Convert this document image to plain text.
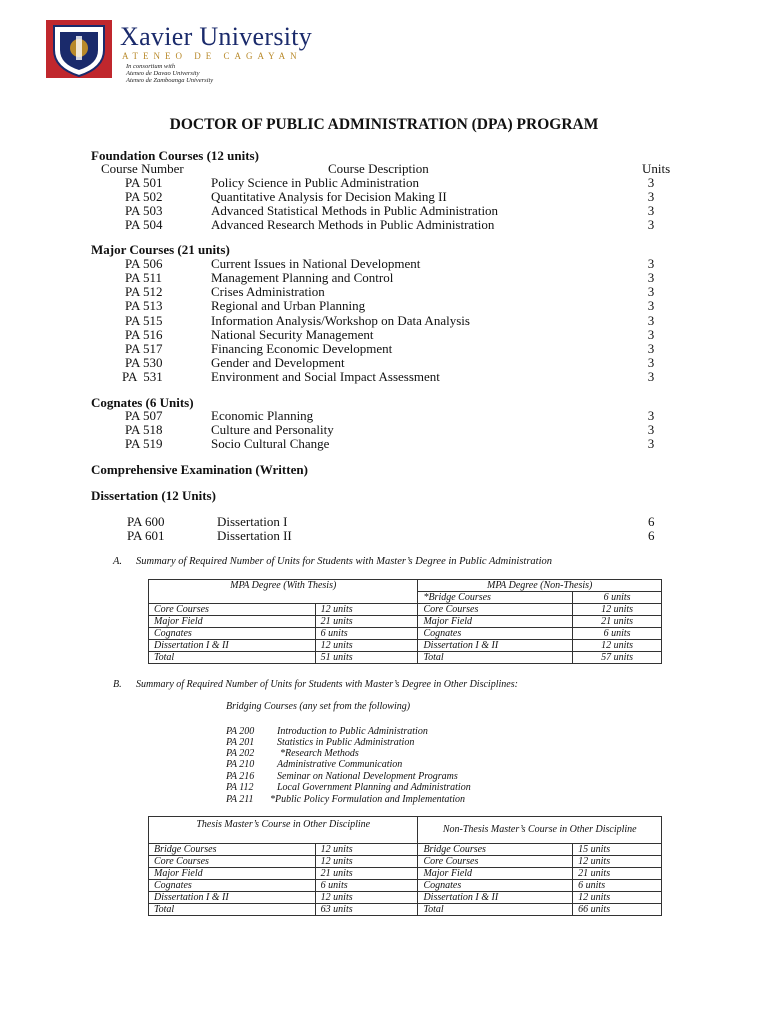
Xavier University
ATENEO DE CAGAYAN
In consortium with
Ateneo de Davao University
Ateneo de Zamboanga University
DOCTOR OF PUBLIC ADMINISTRATION (DPA) PROGRAM
Foundation Courses (12 units)
Course Number	Course Description	Units
PA 501	Policy Science in Public Administration	3
PA 502	Quantitative Analysis for Decision Making II	3
PA 503	Advanced Statistical Methods in Public Administration	3
PA 504	Advanced Research Methods in Public Administration	3
Major Courses (21 units)
PA 506	Current Issues in National Development	3
PA 511	Management Planning and Control	3
PA 512	Crises Administration	3
PA 513	Regional and Urban Planning	3
PA 515	Information Analysis/Workshop on Data Analysis	3
PA 516	National Security Management	3
PA 517	Financing Economic Development	3
PA 530	Gender and Development	3
PA  531	Environment and Social Impact Assessment	3
Cognates (6 Units)
PA 507	Economic Planning	3
PA 518	Culture and Personality	3
PA 519	Socio Cultural Change	3
Comprehensive Examination (Written)
Dissertation (12 Units)
PA 600	Dissertation I	6
PA 601	Dissertation II	6
A. Summary of Required Number of Units for Students with Master’s Degree in Public Administration
MPA Degree (With Thesis)		MPA Degree (Non-Thesis)	
		*Bridge Courses	6 units
Core Courses	12 units	Core Courses	12 units
Major Field	21 units	Major Field	21 units
Cognates	6 units	Cognates	6 units
Dissertation I & II	12 units	Dissertation I & II	12 units
Total	51 units	Total	57 units
B. Summary of Required Number of Units for Students with Master’s Degree in Other Disciplines:
Bridging Courses (any set from the following)
PA 200 Introduction to Public Administration
PA 201 Statistics in Public Administration
PA 202	*Research Methods
PA 210 Administrative Communication
PA 216 Seminar on National Development Programs
PA 112 Local Government Planning and Administration
PA 211 *Public Policy Formulation and Implementation
Thesis Master’s Course in Other Discipline		Non-Thesis Master’s Course in Other Discipline	
Bridge Courses	12 units	Bridge Courses	15 units
Core Courses	12 units	Core Courses	12 units
Major Field	21 units	Major Field	21 units
Cognates	6 units	Cognates	6 units
Dissertation I & II	12 units	Dissertation I & II	12 units
Total	63 units	Total	66 units
